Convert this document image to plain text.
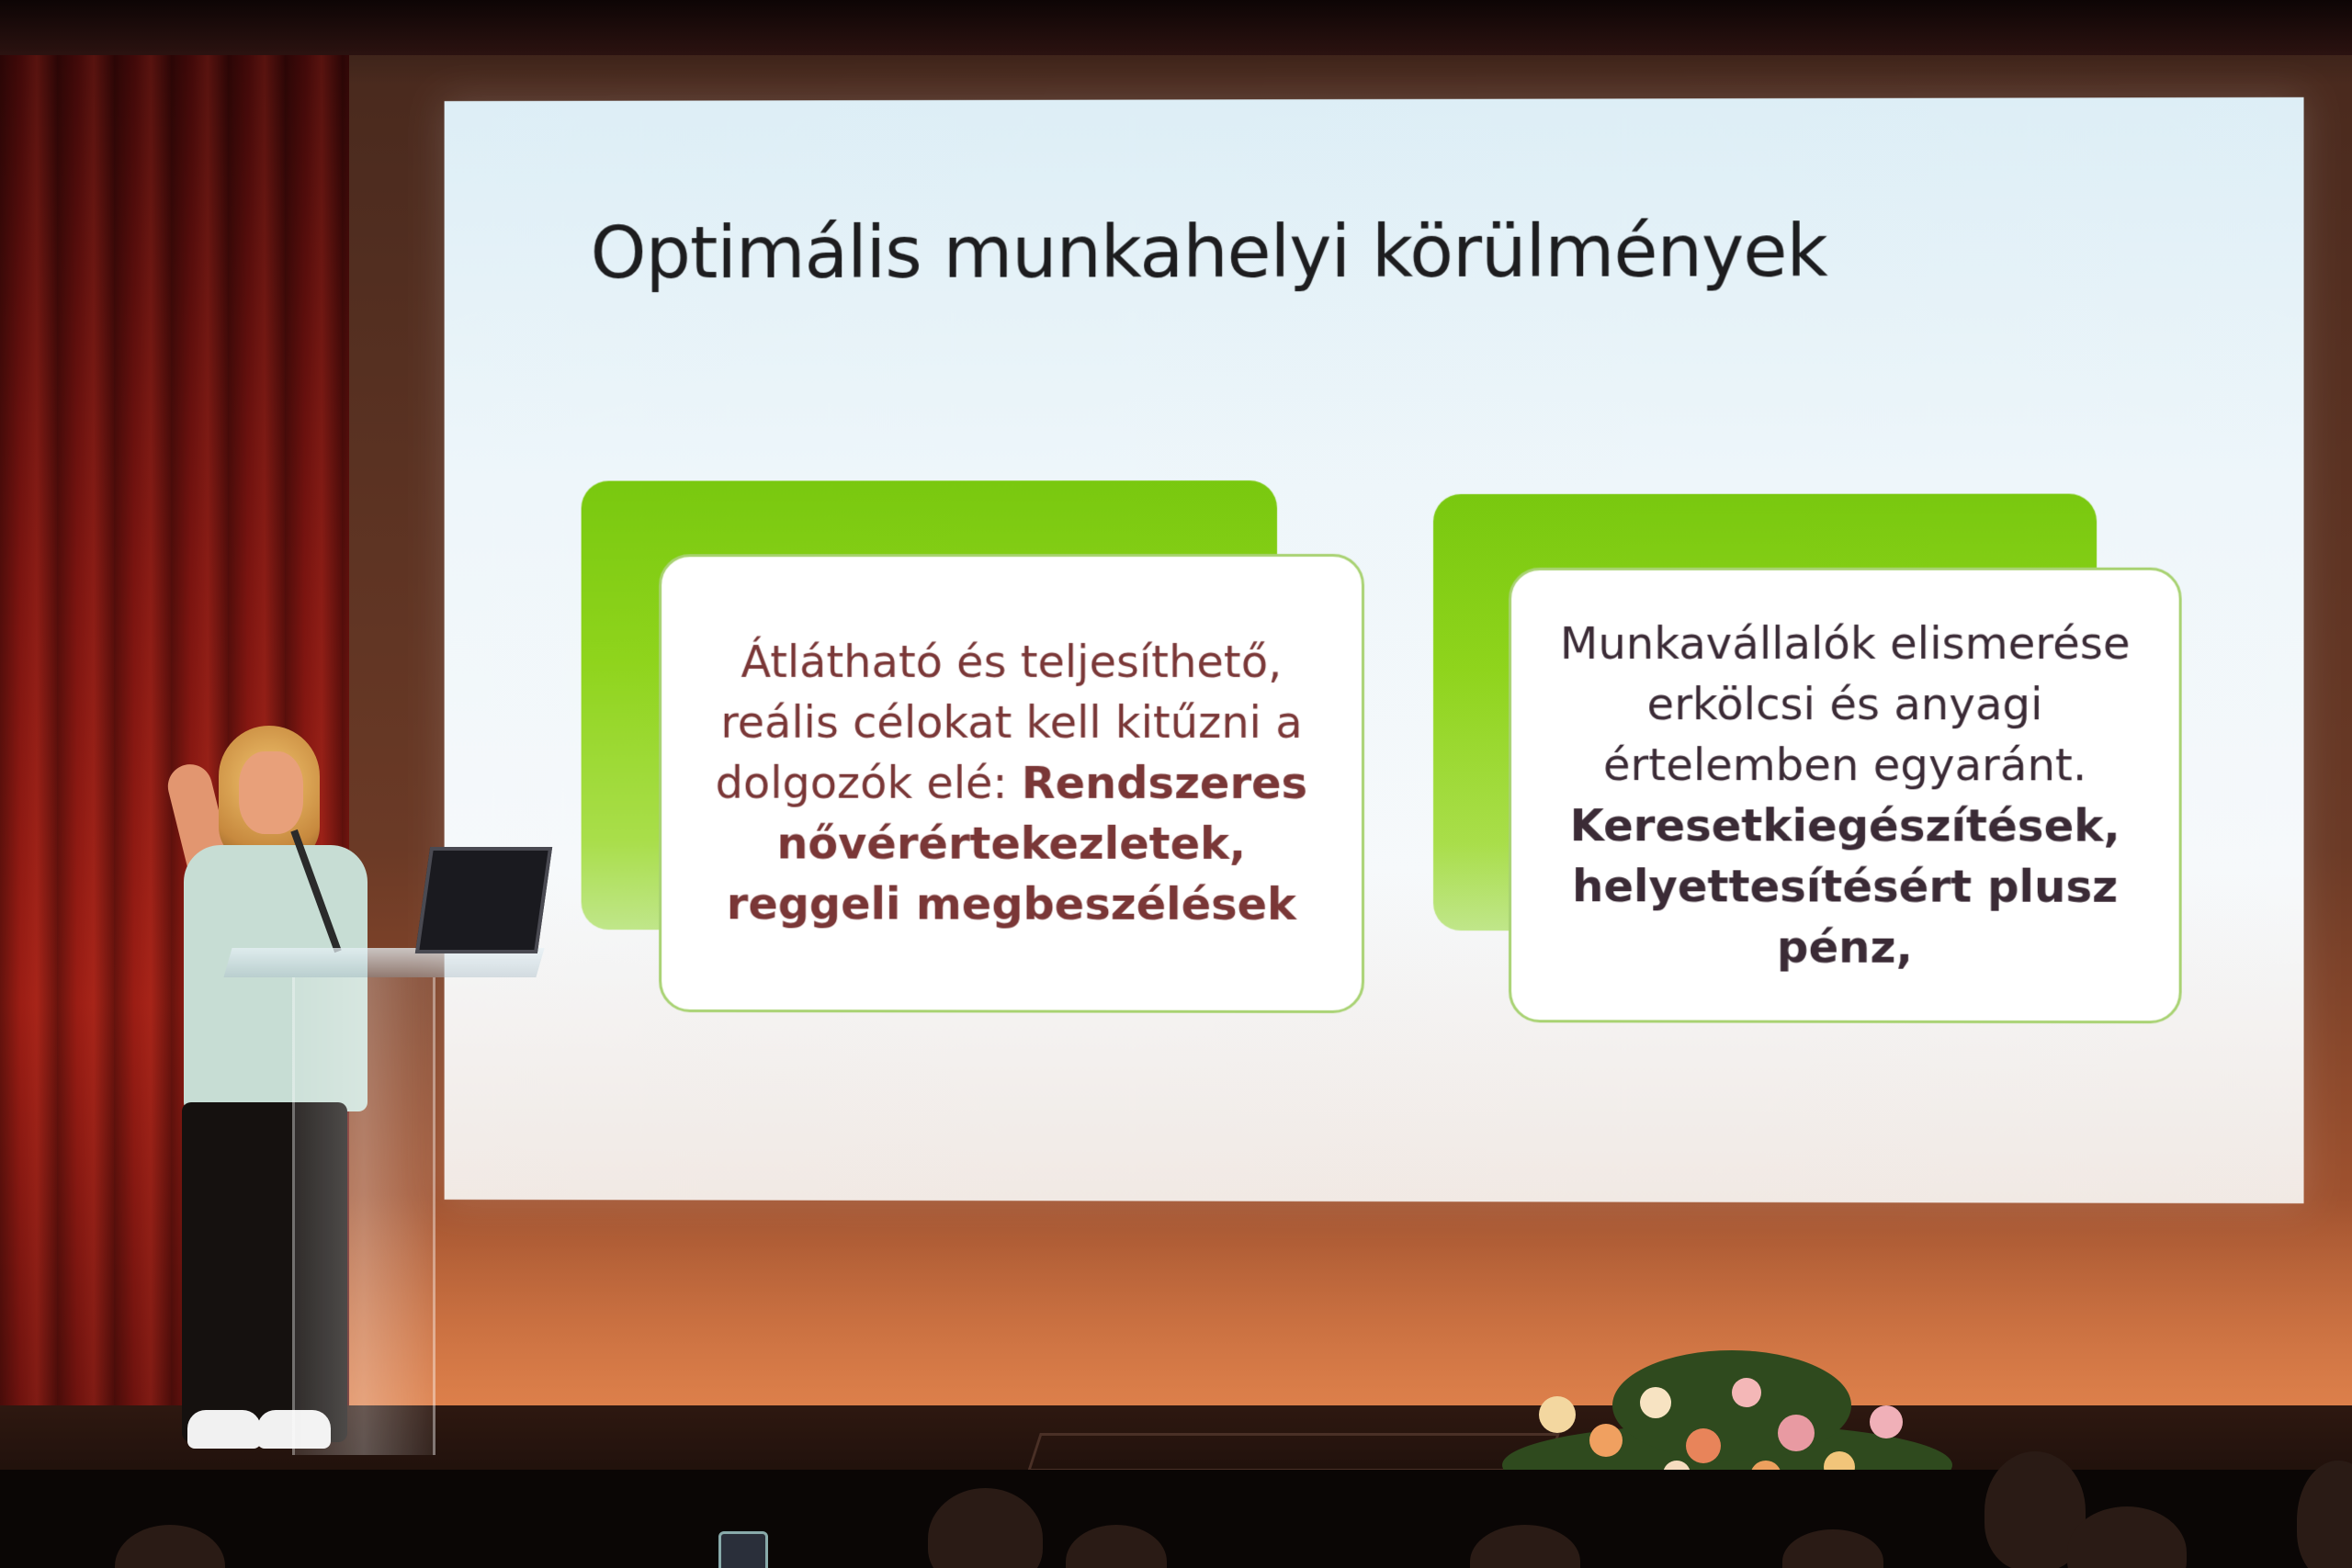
Optimális munkahelyi körülmények
Átlátható és teljesíthető, reális célokat kell kitűzni a dolgozók elé: Rendszeres nővérértekezletek, reggeli megbeszélések
Munkavállalók elismerése erkölcsi és anyagi értelemben egyaránt. Keresetkiegészítések, helyettesítésért plusz pénz,
